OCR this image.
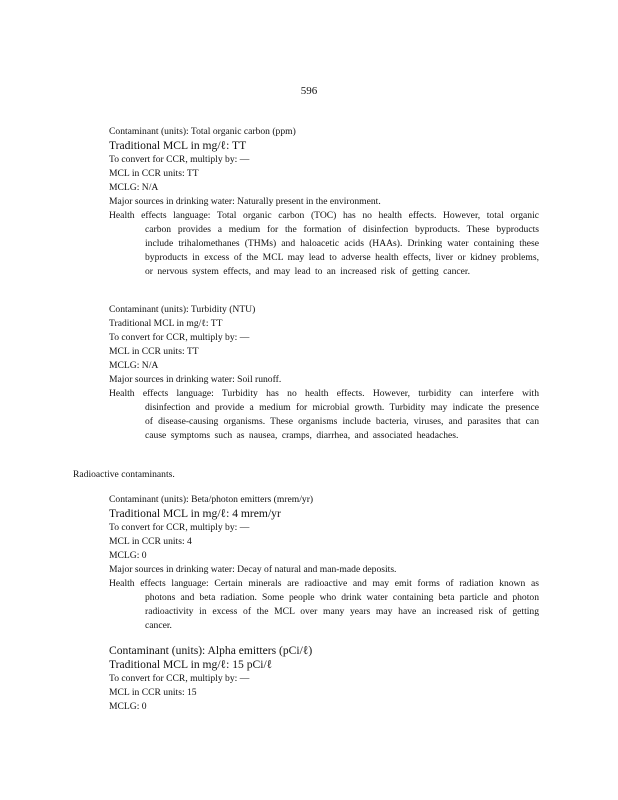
596
Contaminant (units): Total organic carbon (ppm)
Traditional MCL in mg/ℓ: TT
To convert for CCR, multiply by: —
MCL in CCR units: TT
MCLG: N/A
Major sources in drinking water: Naturally present in the environment.
Health effects language: Total organic carbon (TOC) has no health effects. However, total organic carbon provides a medium for the formation of disinfection byproducts. These byproducts include trihalomethanes (THMs) and haloacetic acids (HAAs). Drinking water containing these byproducts in excess of the MCL may lead to adverse health effects, liver or kidney problems, or nervous system effects, and may lead to an increased risk of getting cancer.
Contaminant (units): Turbidity (NTU)
Traditional MCL in mg/ℓ: TT
To convert for CCR, multiply by: —
MCL in CCR units: TT
MCLG: N/A
Major sources in drinking water: Soil runoff.
Health effects language: Turbidity has no health effects. However, turbidity can interfere with disinfection and provide a medium for microbial growth. Turbidity may indicate the presence of disease-causing organisms. These organisms include bacteria, viruses, and parasites that can cause symptoms such as nausea, cramps, diarrhea, and associated headaches.
Radioactive contaminants.
Contaminant (units): Beta/photon emitters (mrem/yr)
Traditional MCL in mg/ℓ: 4 mrem/yr
To convert for CCR, multiply by: —
MCL in CCR units: 4
MCLG: 0
Major sources in drinking water: Decay of natural and man-made deposits.
Health effects language: Certain minerals are radioactive and may emit forms of radiation known as photons and beta radiation. Some people who drink water containing beta particle and photon radioactivity in excess of the MCL over many years may have an increased risk of getting cancer.
Contaminant (units): Alpha emitters (pCi/ℓ)
Traditional MCL in mg/ℓ: 15 pCi/ℓ
To convert for CCR, multiply by: —
MCL in CCR units: 15
MCLG: 0
